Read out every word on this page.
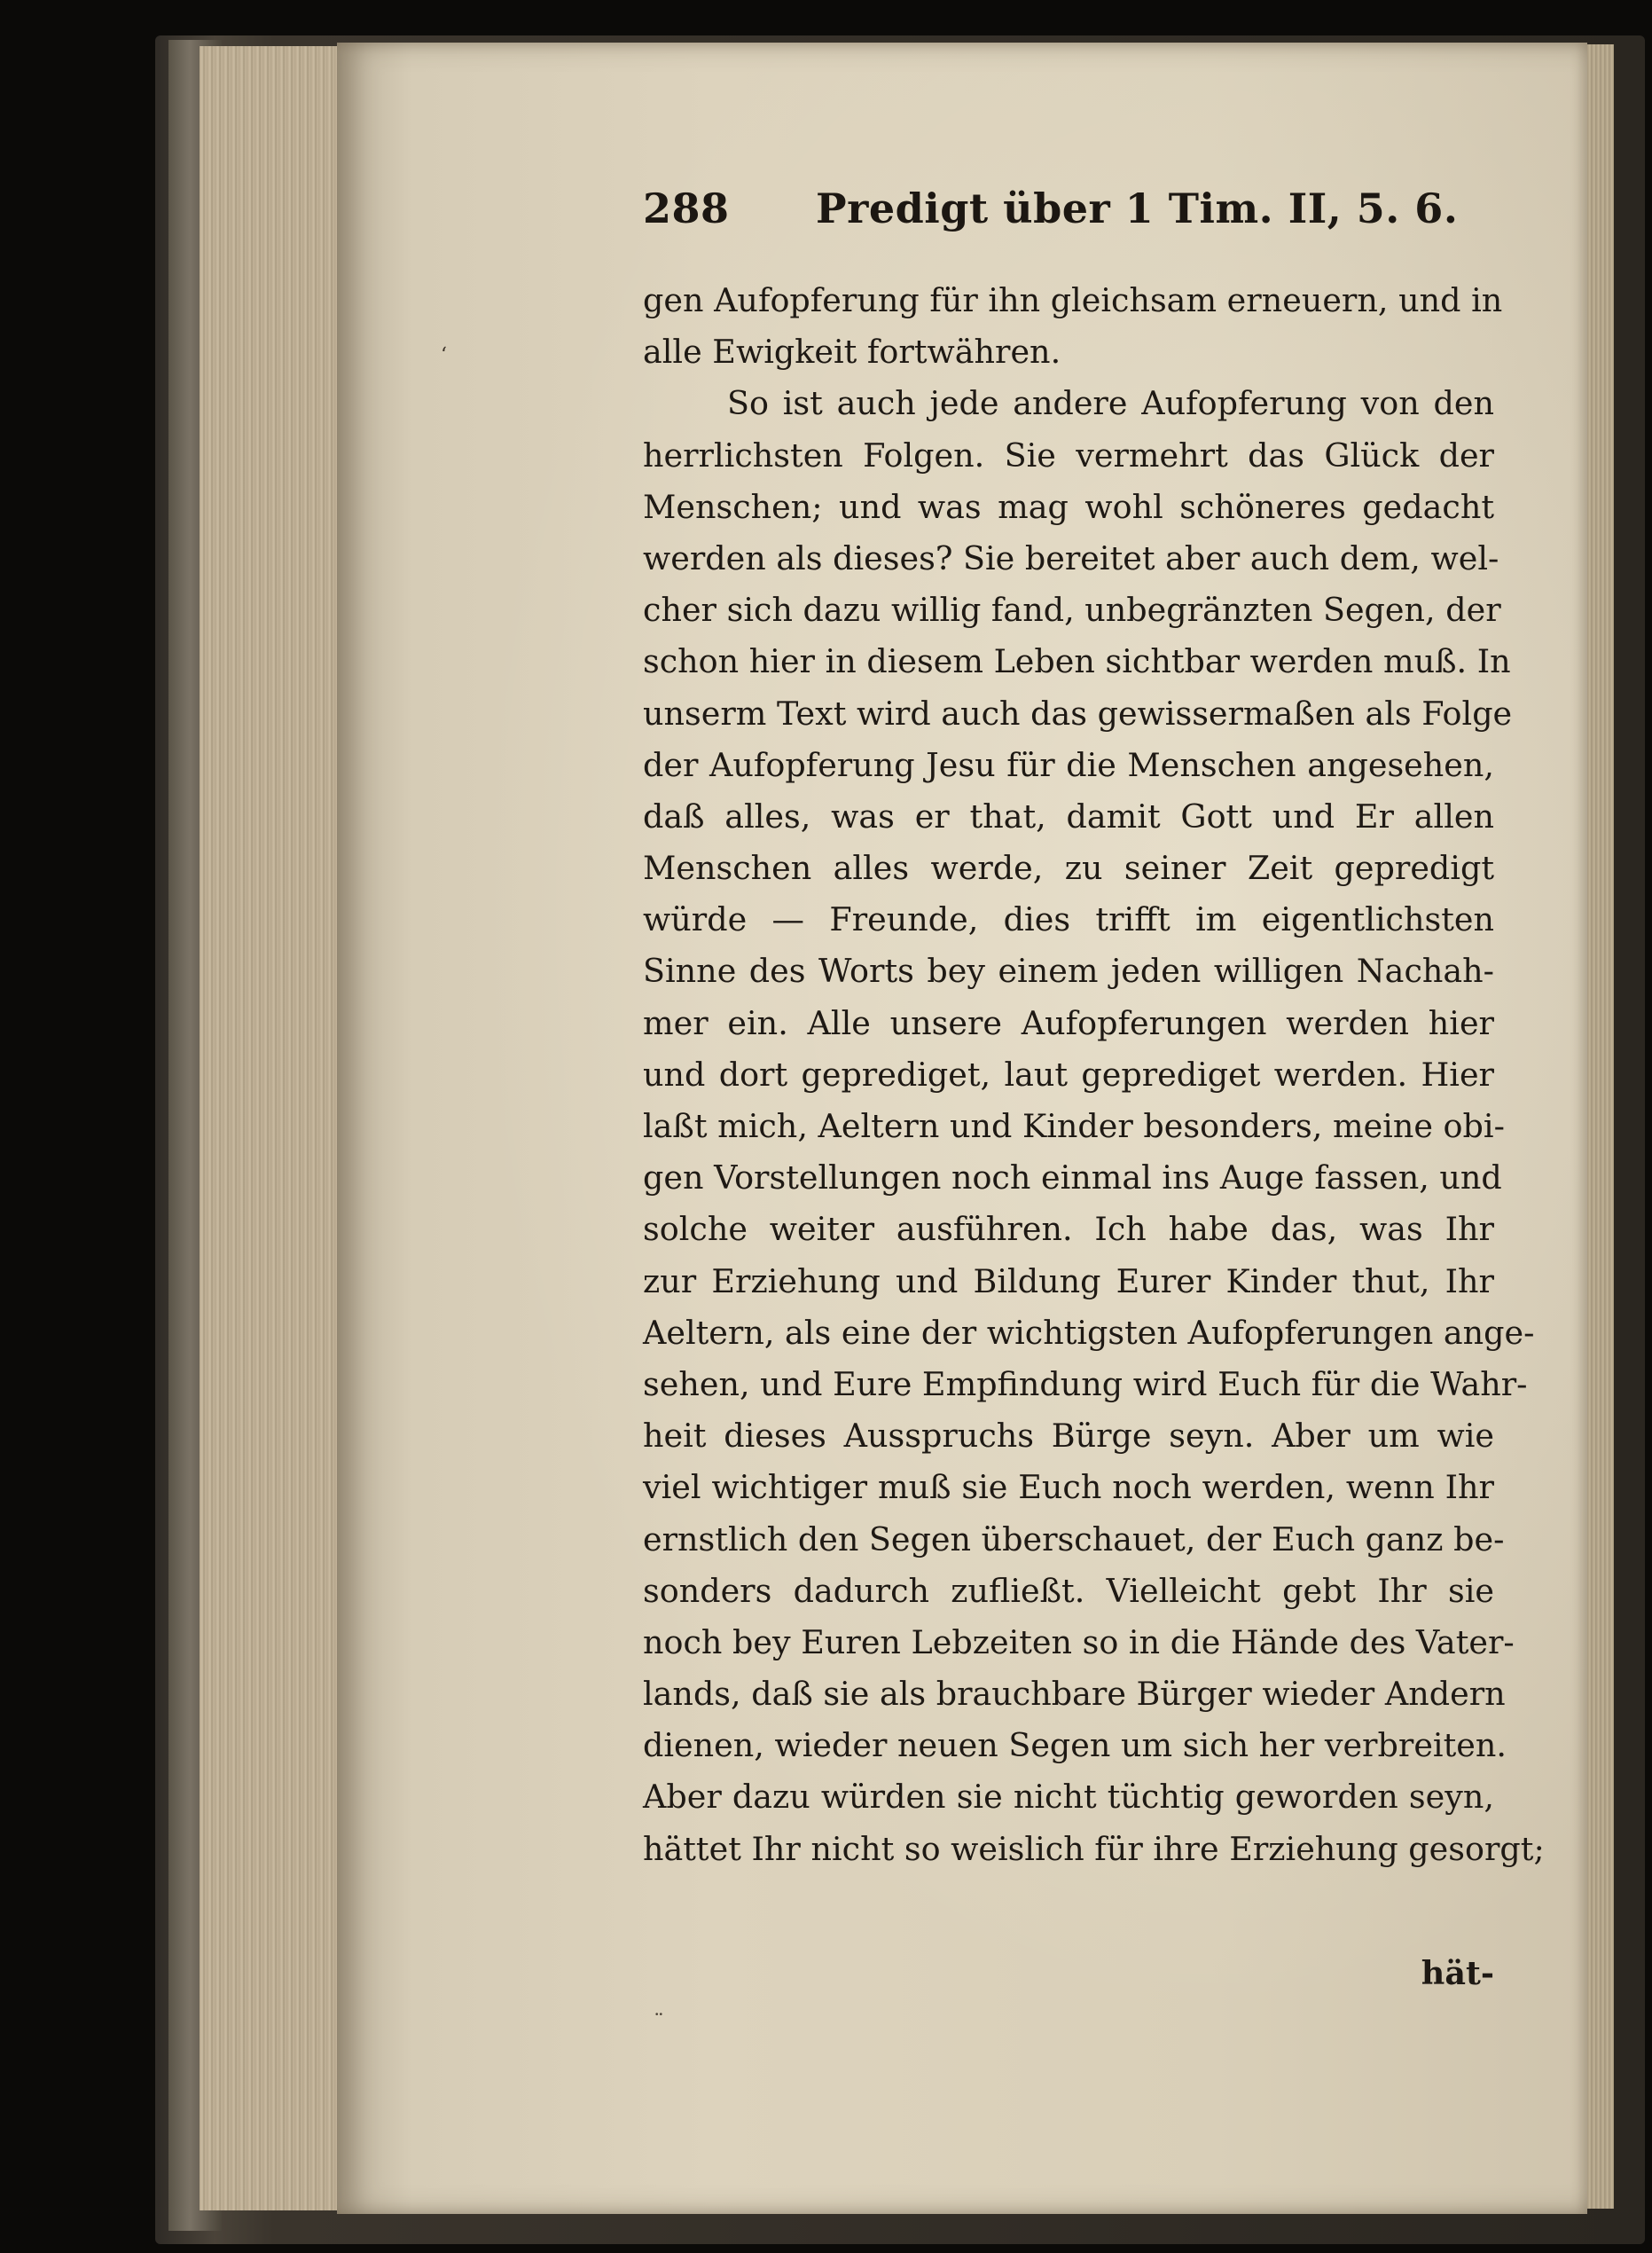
ʻ
288 Predigt über 1 Tim. II, 5. 6.
gen Aufopferung für ihn gleichsam erneuern, und in
alle Ewigkeit fortwähren.
So ist auch jede andere Aufopferung von den
herrlichsten Folgen. Sie vermehrt das Glück der
Menschen; und was mag wohl schöneres gedacht
werden als dieses? Sie bereitet aber auch dem, wel-
cher sich dazu willig fand, unbegränzten Segen, der
schon hier in diesem Leben sichtbar werden muß. In
unserm Text wird auch das gewissermaßen als Folge
der Aufopferung Jesu für die Menschen angesehen,
daß alles, was er that, damit Gott und Er allen
Menschen alles werde, zu seiner Zeit gepredigt
würde — Freunde, dies trifft im eigentlichsten
Sinne des Worts bey einem jeden willigen Nachah-
mer ein. Alle unsere Aufopferungen werden hier
und dort geprediget, laut geprediget werden. Hier
laßt mich, Aeltern und Kinder besonders, meine obi-
gen Vorstellungen noch einmal ins Auge fassen, und
solche weiter ausführen. Ich habe das, was Ihr
zur Erziehung und Bildung Eurer Kinder thut, Ihr
Aeltern, als eine der wichtigsten Aufopferungen ange-
sehen, und Eure Empfindung wird Euch für die Wahr-
heit dieses Ausspruchs Bürge seyn. Aber um wie
viel wichtiger muß sie Euch noch werden, wenn Ihr
ernstlich den Segen überschauet, der Euch ganz be-
sonders dadurch zufließt. Vielleicht gebt Ihr sie
noch bey Euren Lebzeiten so in die Hände des Vater-
lands, daß sie als brauchbare Bürger wieder Andern
dienen, wieder neuen Segen um sich her verbreiten.
Aber dazu würden sie nicht tüchtig geworden seyn,
hättet Ihr nicht so weislich für ihre Erziehung gesorgt;
hät-
¨
